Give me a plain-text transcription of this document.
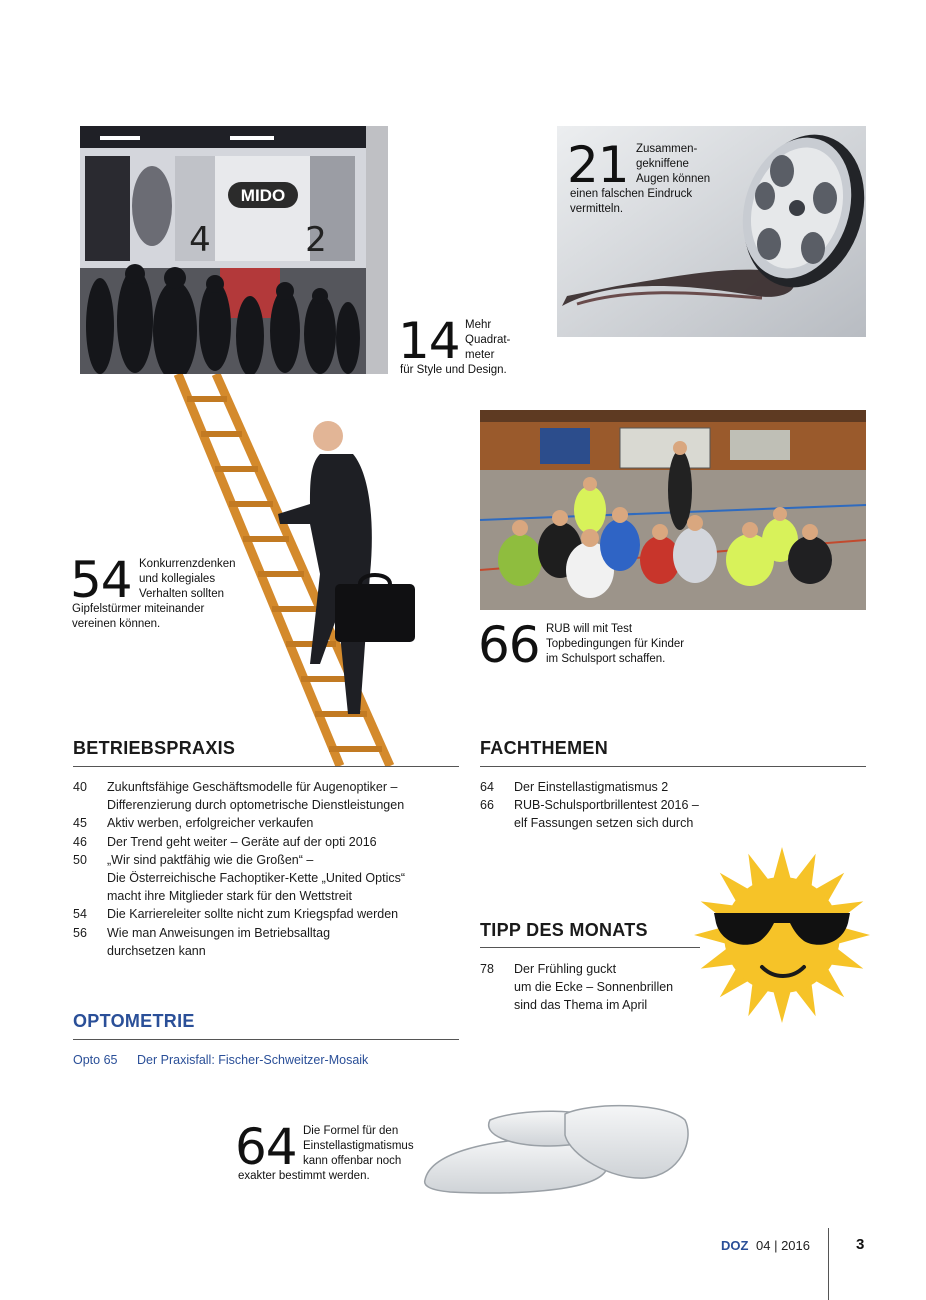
MIDO
4	2
14 Mehr
Quadrat-
meter
für Style und Design.
21 Zusammen-
gekniffene
Augen können
einen falschen Eindruck
vermitteln.
54 Konkurrenzdenken
und kollegiales
Verhalten sollten
Gipfelstürmer miteinander
vereinen können.	66 RUB will mit Test
Topbedingungen für Kinder
im Schulsport schaffen.
64 Die Formel für den
Einstellastigmatismus
kann offenbar noch
exakter bestimmt werden.
BETRIEBSPRAXIS
40	Zukunftsfähige Geschäftsmodelle für Augenoptiker –
Differenzierung durch optometrische Dienstleistungen
45	Aktiv werben, erfolgreicher verkaufen
46	Der Trend geht weiter – Geräte auf der opti 2016
50	„Wir sind paktfähig wie die Großen“ –
Die Österreichische Fachoptiker-Kette „United Optics“
macht ihre Mitglieder stark für den Wettstreit
54	Die Karriereleiter sollte nicht zum Kriegspfad werden
56	Wie man Anweisungen im Betriebsalltag
durchsetzen kann
FACHTHEMEN
64	Der Einstellastigmatismus 2
66	RUB-Schulsportbrillentest 2016 –
elf Fassungen setzen sich durch
TIPP DES MONATS
78	Der Frühling guckt
um die Ecke – Sonnenbrillen
sind das Thema im April
OPTOMETRIE
Opto 65	Der Praxisfall: Fischer-Schweitzer-Mosaik
DOZ 04 | 2016	3
